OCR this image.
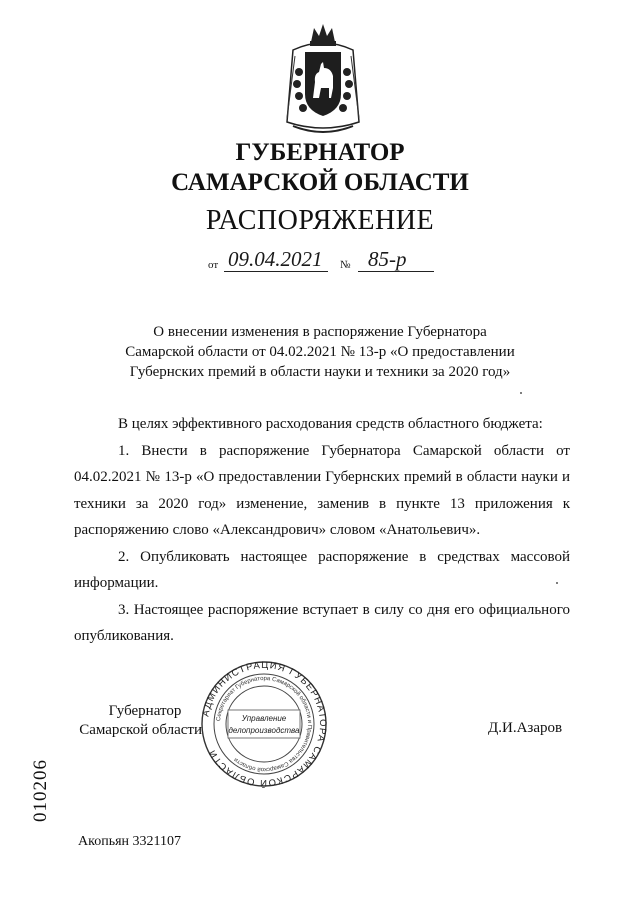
ГУБЕРНАТОР
САМАРСКОЙ ОБЛАСТИ
РАСПОРЯЖЕНИЕ
от 09.04.2021 № 85-р
О внесении изменения в распоряжение Губернатора
Самарской области от 04.02.2021 № 13-р «О предоставлении
Губернских премий в области науки и техники за 2020 год»

В целях эффективного расходования средств областного бюджета:

1. Внести в распоряжение Губернатора Самарской области от 04.02.2021 № 13-р «О предоставлении Губернских премий в области науки и техники за 2020 год» изменение, заменив в пункте 13 приложения к распоряжению слово «Александрович» словом «Анатольевич».

2. Опубликовать настоящее распоряжение в средствах массовой информации.

3. Настоящее распоряжение вступает в силу со дня его официального опубликования.

Губернатор
Самарской области	Д.И.Азаров
АДМИНИСТРАЦИЯ ГУБЕРНАТОРА САМАРСКОЙ ОБЛАСТИ
Секретариат Губернатора Самарской области и Правительства Самарской области
Управление
делопроизводства
010206
Акопьян 3321107
